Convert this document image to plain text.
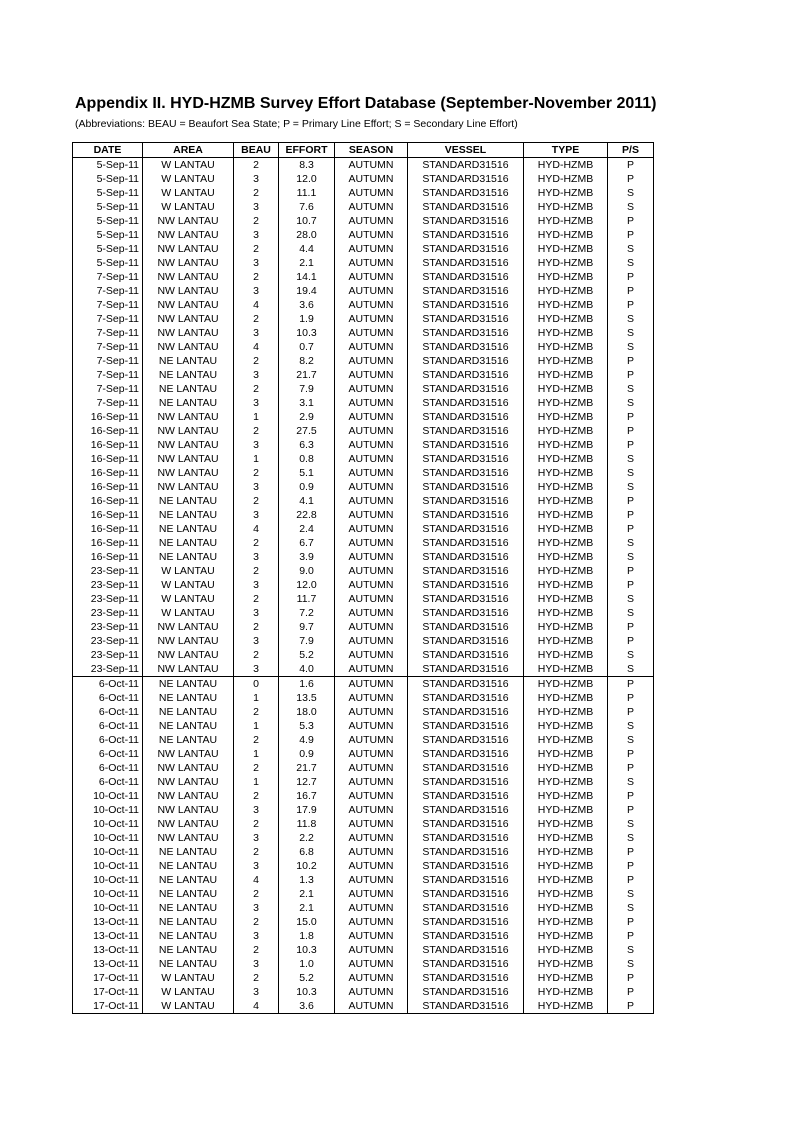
Appendix II. HYD-HZMB Survey Effort Database (September-November 2011)

(Abbreviations: BEAU = Beaufort Sea State; P = Primary Line Effort; S = Secondary Line Effort)

DATE	AREA	BEAU	EFFORT	SEASON	VESSEL	TYPE	P/S
5-Sep-11	W LANTAU	2	8.3	AUTUMN	STANDARD31516	HYD-HZMB	P
5-Sep-11	W LANTAU	3	12.0	AUTUMN	STANDARD31516	HYD-HZMB	P
5-Sep-11	W LANTAU	2	11.1	AUTUMN	STANDARD31516	HYD-HZMB	S
5-Sep-11	W LANTAU	3	7.6	AUTUMN	STANDARD31516	HYD-HZMB	S
5-Sep-11	NW LANTAU	2	10.7	AUTUMN	STANDARD31516	HYD-HZMB	P
5-Sep-11	NW LANTAU	3	28.0	AUTUMN	STANDARD31516	HYD-HZMB	P
5-Sep-11	NW LANTAU	2	4.4	AUTUMN	STANDARD31516	HYD-HZMB	S
5-Sep-11	NW LANTAU	3	2.1	AUTUMN	STANDARD31516	HYD-HZMB	S
7-Sep-11	NW LANTAU	2	14.1	AUTUMN	STANDARD31516	HYD-HZMB	P
7-Sep-11	NW LANTAU	3	19.4	AUTUMN	STANDARD31516	HYD-HZMB	P
7-Sep-11	NW LANTAU	4	3.6	AUTUMN	STANDARD31516	HYD-HZMB	P
7-Sep-11	NW LANTAU	2	1.9	AUTUMN	STANDARD31516	HYD-HZMB	S
7-Sep-11	NW LANTAU	3	10.3	AUTUMN	STANDARD31516	HYD-HZMB	S
7-Sep-11	NW LANTAU	4	0.7	AUTUMN	STANDARD31516	HYD-HZMB	S
7-Sep-11	NE LANTAU	2	8.2	AUTUMN	STANDARD31516	HYD-HZMB	P
7-Sep-11	NE LANTAU	3	21.7	AUTUMN	STANDARD31516	HYD-HZMB	P
7-Sep-11	NE LANTAU	2	7.9	AUTUMN	STANDARD31516	HYD-HZMB	S
7-Sep-11	NE LANTAU	3	3.1	AUTUMN	STANDARD31516	HYD-HZMB	S
16-Sep-11	NW LANTAU	1	2.9	AUTUMN	STANDARD31516	HYD-HZMB	P
16-Sep-11	NW LANTAU	2	27.5	AUTUMN	STANDARD31516	HYD-HZMB	P
16-Sep-11	NW LANTAU	3	6.3	AUTUMN	STANDARD31516	HYD-HZMB	P
16-Sep-11	NW LANTAU	1	0.8	AUTUMN	STANDARD31516	HYD-HZMB	S
16-Sep-11	NW LANTAU	2	5.1	AUTUMN	STANDARD31516	HYD-HZMB	S
16-Sep-11	NW LANTAU	3	0.9	AUTUMN	STANDARD31516	HYD-HZMB	S
16-Sep-11	NE LANTAU	2	4.1	AUTUMN	STANDARD31516	HYD-HZMB	P
16-Sep-11	NE LANTAU	3	22.8	AUTUMN	STANDARD31516	HYD-HZMB	P
16-Sep-11	NE LANTAU	4	2.4	AUTUMN	STANDARD31516	HYD-HZMB	P
16-Sep-11	NE LANTAU	2	6.7	AUTUMN	STANDARD31516	HYD-HZMB	S
16-Sep-11	NE LANTAU	3	3.9	AUTUMN	STANDARD31516	HYD-HZMB	S
23-Sep-11	W LANTAU	2	9.0	AUTUMN	STANDARD31516	HYD-HZMB	P
23-Sep-11	W LANTAU	3	12.0	AUTUMN	STANDARD31516	HYD-HZMB	P
23-Sep-11	W LANTAU	2	11.7	AUTUMN	STANDARD31516	HYD-HZMB	S
23-Sep-11	W LANTAU	3	7.2	AUTUMN	STANDARD31516	HYD-HZMB	S
23-Sep-11	NW LANTAU	2	9.7	AUTUMN	STANDARD31516	HYD-HZMB	P
23-Sep-11	NW LANTAU	3	7.9	AUTUMN	STANDARD31516	HYD-HZMB	P
23-Sep-11	NW LANTAU	2	5.2	AUTUMN	STANDARD31516	HYD-HZMB	S
23-Sep-11	NW LANTAU	3	4.0	AUTUMN	STANDARD31516	HYD-HZMB	S
6-Oct-11	NE LANTAU	0	1.6	AUTUMN	STANDARD31516	HYD-HZMB	P
6-Oct-11	NE LANTAU	1	13.5	AUTUMN	STANDARD31516	HYD-HZMB	P
6-Oct-11	NE LANTAU	2	18.0	AUTUMN	STANDARD31516	HYD-HZMB	P
6-Oct-11	NE LANTAU	1	5.3	AUTUMN	STANDARD31516	HYD-HZMB	S
6-Oct-11	NE LANTAU	2	4.9	AUTUMN	STANDARD31516	HYD-HZMB	S
6-Oct-11	NW LANTAU	1	0.9	AUTUMN	STANDARD31516	HYD-HZMB	P
6-Oct-11	NW LANTAU	2	21.7	AUTUMN	STANDARD31516	HYD-HZMB	P
6-Oct-11	NW LANTAU	1	12.7	AUTUMN	STANDARD31516	HYD-HZMB	S
10-Oct-11	NW LANTAU	2	16.7	AUTUMN	STANDARD31516	HYD-HZMB	P
10-Oct-11	NW LANTAU	3	17.9	AUTUMN	STANDARD31516	HYD-HZMB	P
10-Oct-11	NW LANTAU	2	11.8	AUTUMN	STANDARD31516	HYD-HZMB	S
10-Oct-11	NW LANTAU	3	2.2	AUTUMN	STANDARD31516	HYD-HZMB	S
10-Oct-11	NE LANTAU	2	6.8	AUTUMN	STANDARD31516	HYD-HZMB	P
10-Oct-11	NE LANTAU	3	10.2	AUTUMN	STANDARD31516	HYD-HZMB	P
10-Oct-11	NE LANTAU	4	1.3	AUTUMN	STANDARD31516	HYD-HZMB	P
10-Oct-11	NE LANTAU	2	2.1	AUTUMN	STANDARD31516	HYD-HZMB	S
10-Oct-11	NE LANTAU	3	2.1	AUTUMN	STANDARD31516	HYD-HZMB	S
13-Oct-11	NE LANTAU	2	15.0	AUTUMN	STANDARD31516	HYD-HZMB	P
13-Oct-11	NE LANTAU	3	1.8	AUTUMN	STANDARD31516	HYD-HZMB	P
13-Oct-11	NE LANTAU	2	10.3	AUTUMN	STANDARD31516	HYD-HZMB	S
13-Oct-11	NE LANTAU	3	1.0	AUTUMN	STANDARD31516	HYD-HZMB	S
17-Oct-11	W LANTAU	2	5.2	AUTUMN	STANDARD31516	HYD-HZMB	P
17-Oct-11	W LANTAU	3	10.3	AUTUMN	STANDARD31516	HYD-HZMB	P
17-Oct-11	W LANTAU	4	3.6	AUTUMN	STANDARD31516	HYD-HZMB	P
